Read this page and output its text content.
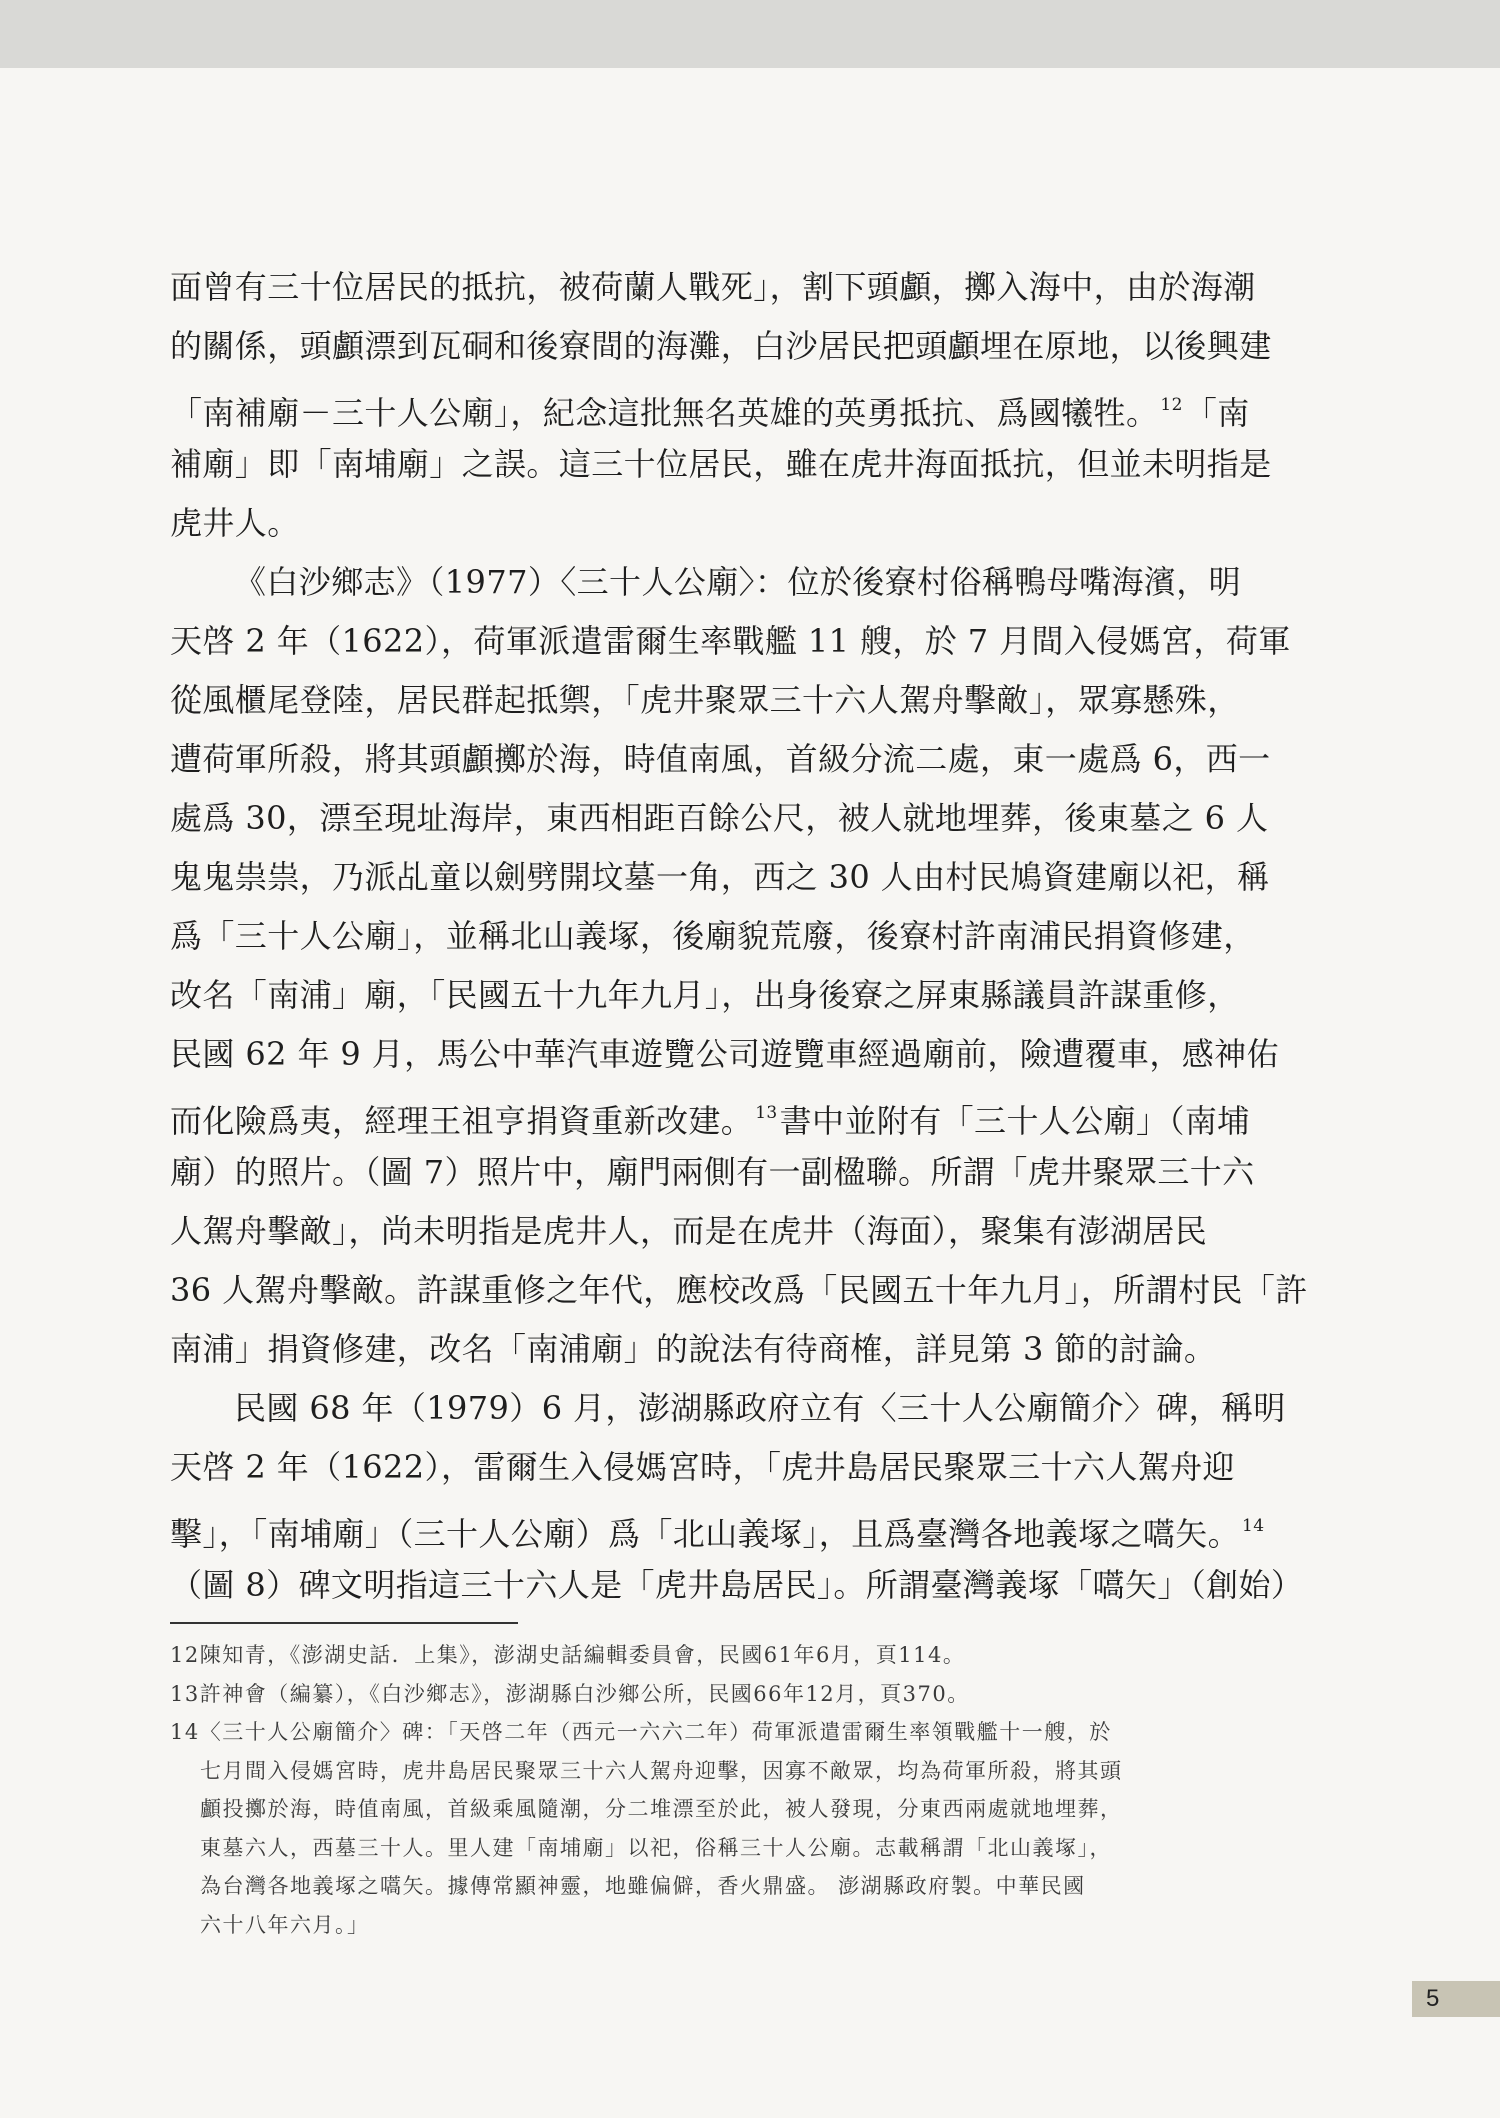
面曾有三十位居民的抵抗，被荷蘭人戰死」，割下頭顱，擲入海中，由於海潮
的關係，頭顱漂到瓦硐和後寮間的海灘，白沙居民把頭顱埋在原地，以後興建
「南補廟－三十人公廟」，紀念這批無名英雄的英勇抵抗、爲國犧牲。 $^{12}$「南
補廟」即「南埔廟」之誤。這三十位居民，雖在虎井海面抵抗，但並未明指是
虎井人。
《白沙鄉志》（1977）〈三十人公廟〉：位於後寮村俗稱鴨母嘴海濱，明
天啓 2 年（1622），荷軍派遣雷爾生率戰艦 11 艘，於 7 月間入侵媽宮，荷軍
從風櫃尾登陸，居民群起抵禦，「虎井聚眾三十六人駕舟擊敵」，眾寡懸殊，
遭荷軍所殺，將其頭顱擲於海，時值南風，首級分流二處，東一處爲 6，西一
處爲 30，漂至現址海岸，東西相距百餘公尺，被人就地埋葬，後東墓之 6 人
鬼鬼祟祟，乃派乩童以劍劈開坟墓一角，西之 30 人由村民鳩資建廟以祀，稱
爲「三十人公廟」，並稱北山義塚，後廟貌荒廢，後寮村許南浦民捐資修建，
改名「南浦」廟，「民國五十九年九月」，出身後寮之屏東縣議員許謀重修，
民國 62 年 9 月，馬公中華汽車遊覽公司遊覽車經過廟前，險遭覆車，感神佑
而化險爲夷，經理王祖亨捐資重新改建。 $^{13}$書中並附有「三十人公廟」（南埔
廟）的照片。（圖 7）照片中，廟門兩側有一副楹聯。所謂「虎井聚眾三十六
人駕舟擊敵」，尚未明指是虎井人，而是在虎井（海面），聚集有澎湖居民
36 人駕舟擊敵。許謀重修之年代，應校改爲「民國五十年九月」，所謂村民「許
南浦」捐資修建，改名「南浦廟」的說法有待商榷，詳見第 3 節的討論。
民國 68 年（1979）6 月，澎湖縣政府立有〈三十人公廟簡介〉碑，稱明
天啓 2 年（1622），雷爾生入侵媽宮時，「虎井島居民聚眾三十六人駕舟迎
擊」，「南埔廟」（三十人公廟）爲「北山義塚」，且爲臺灣各地義塚之嚆矢。 $^{14}$
（圖 8）碑文明指這三十六人是「虎井島居民」。所謂臺灣義塚「嚆矢」（創始）
12陳知青，《澎湖史話．上集》，澎湖史話編輯委員會，民國61年6月，頁114。
13許神會（編纂），《白沙鄉志》，澎湖縣白沙鄉公所，民國66年12月，頁370。
14〈三十人公廟簡介〉碑：「天啓二年（西元一六六二年）荷軍派遣雷爾生率領戰艦十一艘，於
七月間入侵媽宮時，虎井島居民聚眾三十六人駕舟迎擊，因寡不敵眾，均為荷軍所殺，將其頭
顱投擲於海，時值南風，首級乘風隨潮，分二堆漂至於此，被人發現，分東西兩處就地埋葬，
東墓六人，西墓三十人。里人建「南埔廟」以祀，俗稱三十人公廟。志載稱謂「北山義塚」，
為台灣各地義塚之嚆矢。據傳常顯神靈，地雖偏僻，香火鼎盛。 澎湖縣政府製。中華民國
六十八年六月。」
5
